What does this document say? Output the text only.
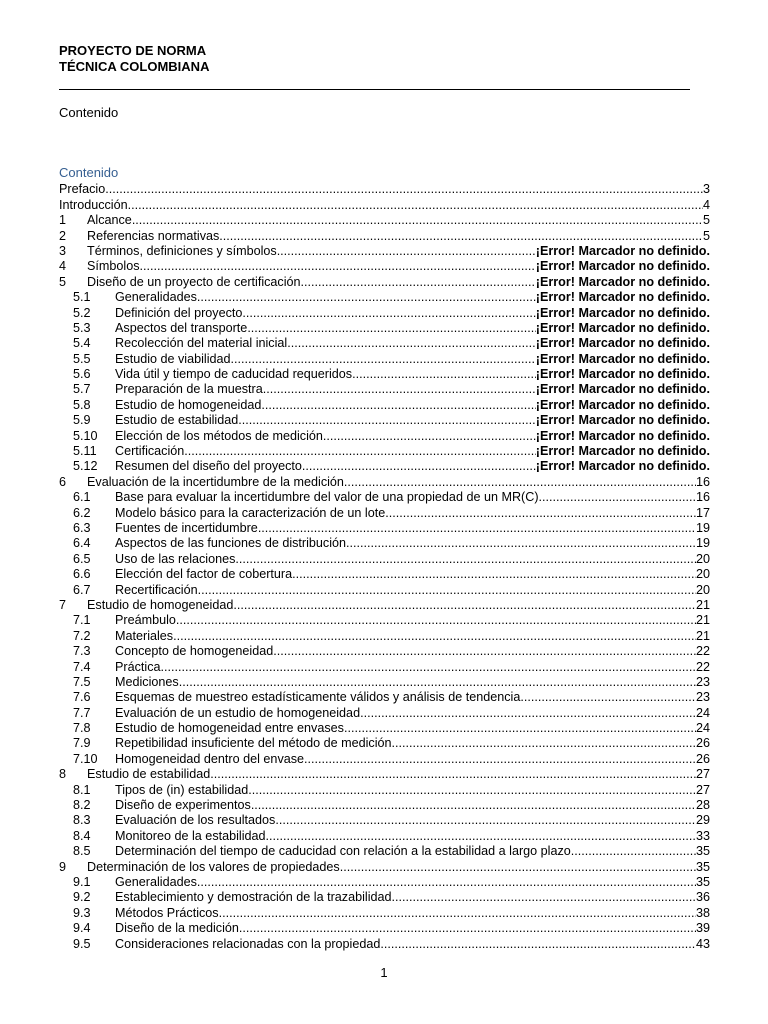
PROYECTO DE NORMA
TÉCNICA COLOMBIANA
Contenido
Contenido
Prefacio .....	3
Introducción .....	4
1	Alcance .....	5
2	Referencias normativas .....	5
3	Términos, definiciones y símbolos .....	¡Error! Marcador no definido.
4	Símbolos .....	¡Error! Marcador no definido.
5	Diseño de un proyecto de certificación .....	¡Error! Marcador no definido.
5.1	Generalidades .....	¡Error! Marcador no definido.
5.2	Definición del proyecto .....	¡Error! Marcador no definido.
5.3	Aspectos del transporte .....	¡Error! Marcador no definido.
5.4	Recolección del material inicial .....	¡Error! Marcador no definido.
5.5	Estudio de viabilidad .....	¡Error! Marcador no definido.
5.6	Vida útil y tiempo de caducidad requeridos .....	¡Error! Marcador no definido.
5.7	Preparación de la muestra .....	¡Error! Marcador no definido.
5.8	Estudio de homogeneidad .....	¡Error! Marcador no definido.
5.9	Estudio de estabilidad .....	¡Error! Marcador no definido.
5.10	Elección de los métodos de medición .....	¡Error! Marcador no definido.
5.11	Certificación .....	¡Error! Marcador no definido.
5.12	Resumen del diseño del proyecto .....	¡Error! Marcador no definido.
6	Evaluación de la incertidumbre de la medición .....	16
6.1	Base para evaluar la incertidumbre del valor de una propiedad de un MR(C) .....	16
6.2	Modelo básico para la caracterización de un lote .....	17
6.3	Fuentes de incertidumbre .....	19
6.4	Aspectos de las funciones de distribución .....	19
6.5	Uso de las relaciones .....	20
6.6	Elección del factor de cobertura .....	20
6.7	Recertificación .....	20
7	Estudio de homogeneidad .....	21
7.1	Preámbulo .....	21
7.2	Materiales .....	21
7.3	Concepto de homogeneidad .....	22
7.4	Práctica .....	22
7.5	Mediciones .....	23
7.6	Esquemas de muestreo estadísticamente válidos y análisis de tendencia .....	23
7.7	Evaluación de un estudio de homogeneidad .....	24
7.8	Estudio de homogeneidad entre envases .....	24
7.9	Repetibilidad insuficiente del método de medición .....	26
7.10	Homogeneidad dentro del envase .....	26
8	Estudio de estabilidad .....	27
8.1	Tipos de (in) estabilidad .....	27
8.2	Diseño de experimentos .....	28
8.3	Evaluación de los resultados .....	29
8.4	Monitoreo de la estabilidad .....	33
8.5	Determinación del tiempo de caducidad con relación a la estabilidad a largo plazo .....	35
9	Determinación de los valores de propiedades .....	35
9.1	Generalidades .....	35
9.2	Establecimiento y demostración de la trazabilidad .....	36
9.3	Métodos Prácticos .....	38
9.4	Diseño de la medición .....	39
9.5	Consideraciones relacionadas con la propiedad .....	43
1
